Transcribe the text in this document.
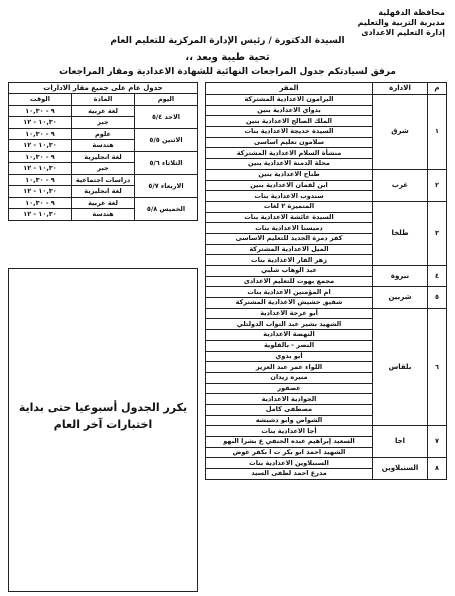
محافظة الدقهلية
مديرية التربية والتعليم
إدارة التعليم الاعدادى
السيدة الدكتورة / رئيس الإدارة المركزية للتعليم العام
تحية طيبة وبعد ،،
مرفق لسيادتكم جدول المراجعات النهائية للشهادة الاعدادية ومقار المراجعات
م	الادارة	المقر
١	شرق	البرامون الاعدادية المشتركة
		بدواي الاعدادية بنين
		الملك الصالح الاعدادية بنين
		السيدة خديجة الاعدادية بنات
		سلامون تعليم اساسى
		منشأة السلام الاعدادية المشتركة
		محلة الدمنة الاعدادية بنين
٢	غرب	طناح الاعدادية بنين
		ابن لقمان الاعدادية بنين
		سندوب الاعدادية بنات
٣	طلخا	المتميزة ٢ لغات
		السيدة عائشة الاعدادية بنات
		دميسنا الاعدادية بنات
		كفر دمرة الجديد للتعليم الاساسى
		الميل الاعدادية المشتركة
		زهر الفار الاعدادية بنات
٤	نبروة	عبد الوهاب شلبي
		مجمع بهوت للتعليم الاعدادى
٥	شربين	ام المؤمنين الاعدادية بنات
		شفيق حشيش الاعدادية المشتركة
٦	بلقاس	أبو عرجة الاعدادية
		الشهيد بشير عبد التواب الدولتلي
		النهضة الاعدادية
		النصر - بالقلوية
		أبو بدوي
		اللواء عمر عبد العزيز
		منيره زيدان
		عصفور
		الجوادية الاعدادية
		مصطفى كامل
		الشواص وابو دشيشه
٧	اجا	أجا الاعدادية بنات
		السعيد إبراهيم عبده الحنفي ع بشرا البهو
		الشهيد احمد ابو بكر ت ا بكفر عوض
٨	السنبلاوين	السنبلاوين الاعدادية بنات
		مدرع احمد لطفى السيد
جدول عام على جميع مقار الادارات		
اليوم	المادة	الوقت
الاحد ٥/٤	لغة عربية	٩ - ١٠,٣٠
	جبر	١٠,٣٠ - ١٢
الاثنين ٥/٥	علوم	٩ - ١٠,٣٠
	هندسة	١٠,٣٠ - ١٢
الثلاثاء ٥/٦	لغة انجليزية	٩ - ١٠,٣٠
	جبر	١٠,٣٠ - ١٢
الاربعاء ٥/٧	دراسات اجتماعية	٩ - ١٠,٣٠
	لغة انجليزية	١٠,٣٠ - ١٢
الخميس ٥/٨	لغة عربية	٩ - ١٠,٣٠
	هندسة	١٠,٣٠ - ١٢
يكرر الجدول أسبوعيا حتى بداية
اختبارات آخر العام
